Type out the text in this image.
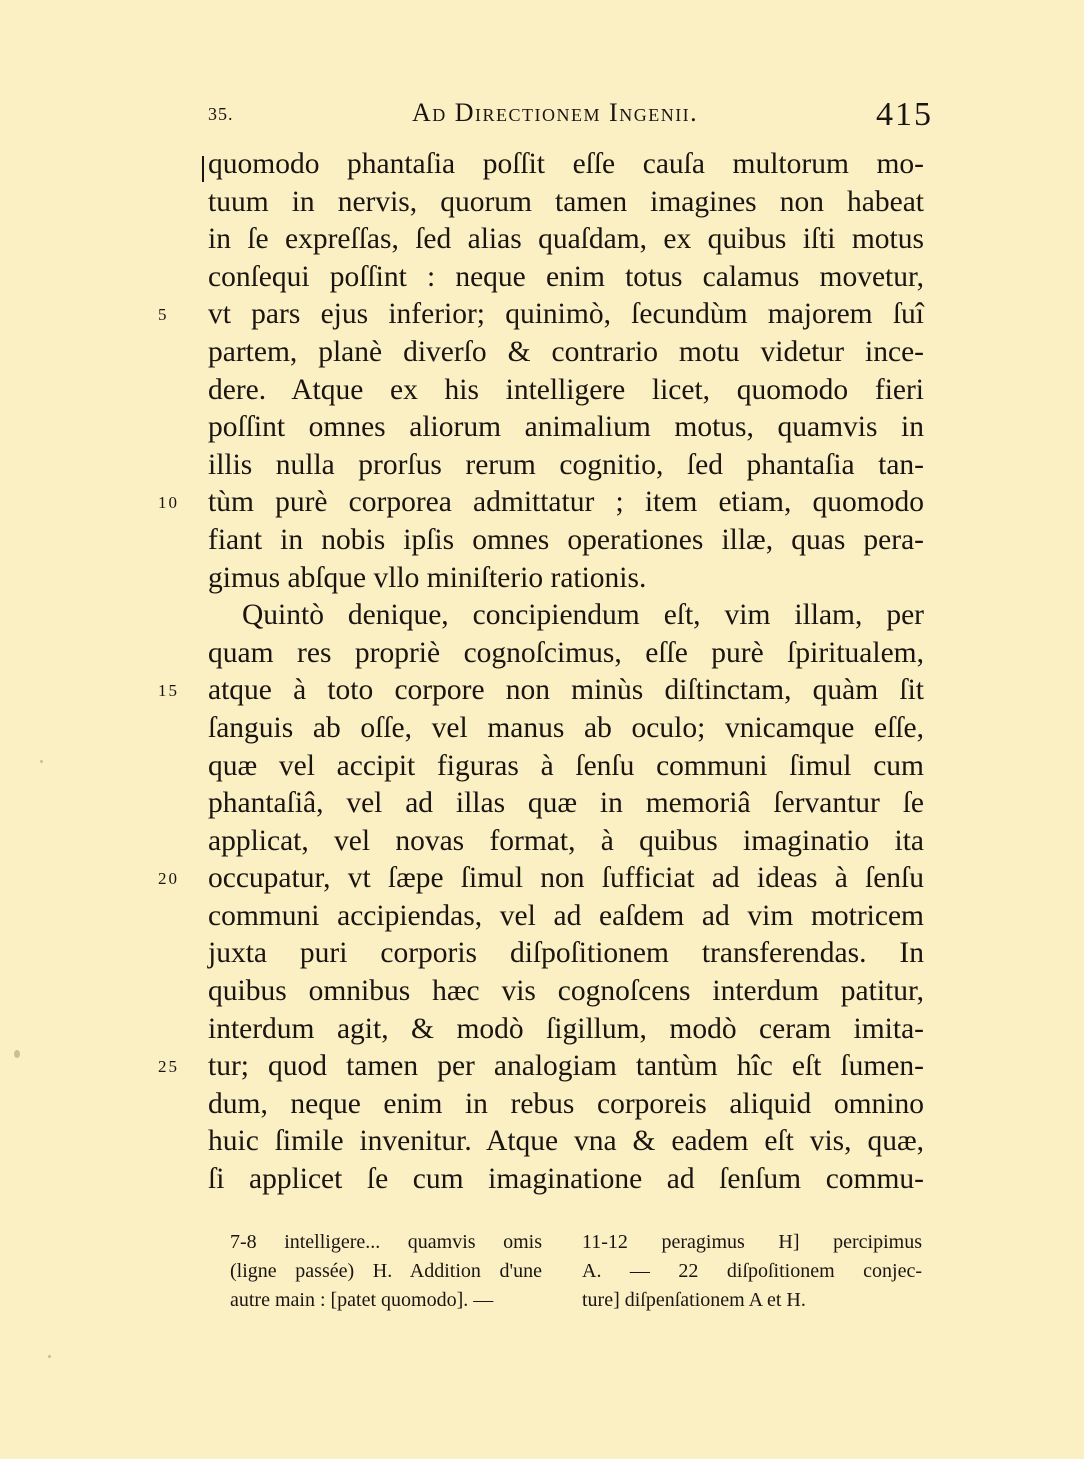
35.	Ad Directionem Ingenii.	415
quomodo phantaſia poſſit eſſe cauſa multorum mo-
tuum in nervis, quorum tamen imagines non habeat
in ſe expreſſas, ſed alias quaſdam, ex quibus iſti motus
conſequi poſſint : neque enim totus calamus movetur,
5	vt pars ejus inferior; quinimò, ſecundùm majorem ſuî
partem, planè diverſo & contrario motu videtur ince-
dere. Atque ex his intelligere licet, quomodo fieri
poſſint omnes aliorum animalium motus, quamvis in
illis nulla prorſus rerum cognitio, ſed phantaſia tan-
10 tùm purè corporea admittatur ; item etiam, quomodo
fiant in nobis ipſis omnes operationes illæ, quas pera-
gimus abſque vllo miniſterio rationis.
Quintò denique, concipiendum eſt, vim illam, per
quam res propriè cognoſcimus, eſſe purè ſpiritualem,
15 atque à toto corpore non minùs diſtinctam, quàm ſit
ſanguis ab oſſe, vel manus ab oculo; vnicamque eſſe,
quæ vel accipit figuras à ſenſu communi ſimul cum
phantaſiâ, vel ad illas quæ in memoriâ ſervantur ſe
applicat, vel novas format, à quibus imaginatio ita
20 occupatur, vt ſæpe ſimul non ſufficiat ad ideas à ſenſu
communi accipiendas, vel ad eaſdem ad vim motricem
juxta puri corporis diſpoſitionem transferendas. In
quibus omnibus hæc vis cognoſcens interdum patitur,
interdum agit, & modò ſigillum, modò ceram imita-
25 tur; quod tamen per analogiam tantùm hîc eſt ſumen-
dum, neque enim in rebus corporeis aliquid omnino
huic ſimile invenitur. Atque vna & eadem eſt vis, quæ,
ſi applicet ſe cum imaginatione ad ſenſum commu-
7-8 intelligere... quamvis omis
(ligne passée) H. Addition d'une
autre main : [patet quomodo]. —
11-12 peragimus H] percipimus
A. — 22 diſpoſitionem conjec-
ture] diſpenſationem A et H.
